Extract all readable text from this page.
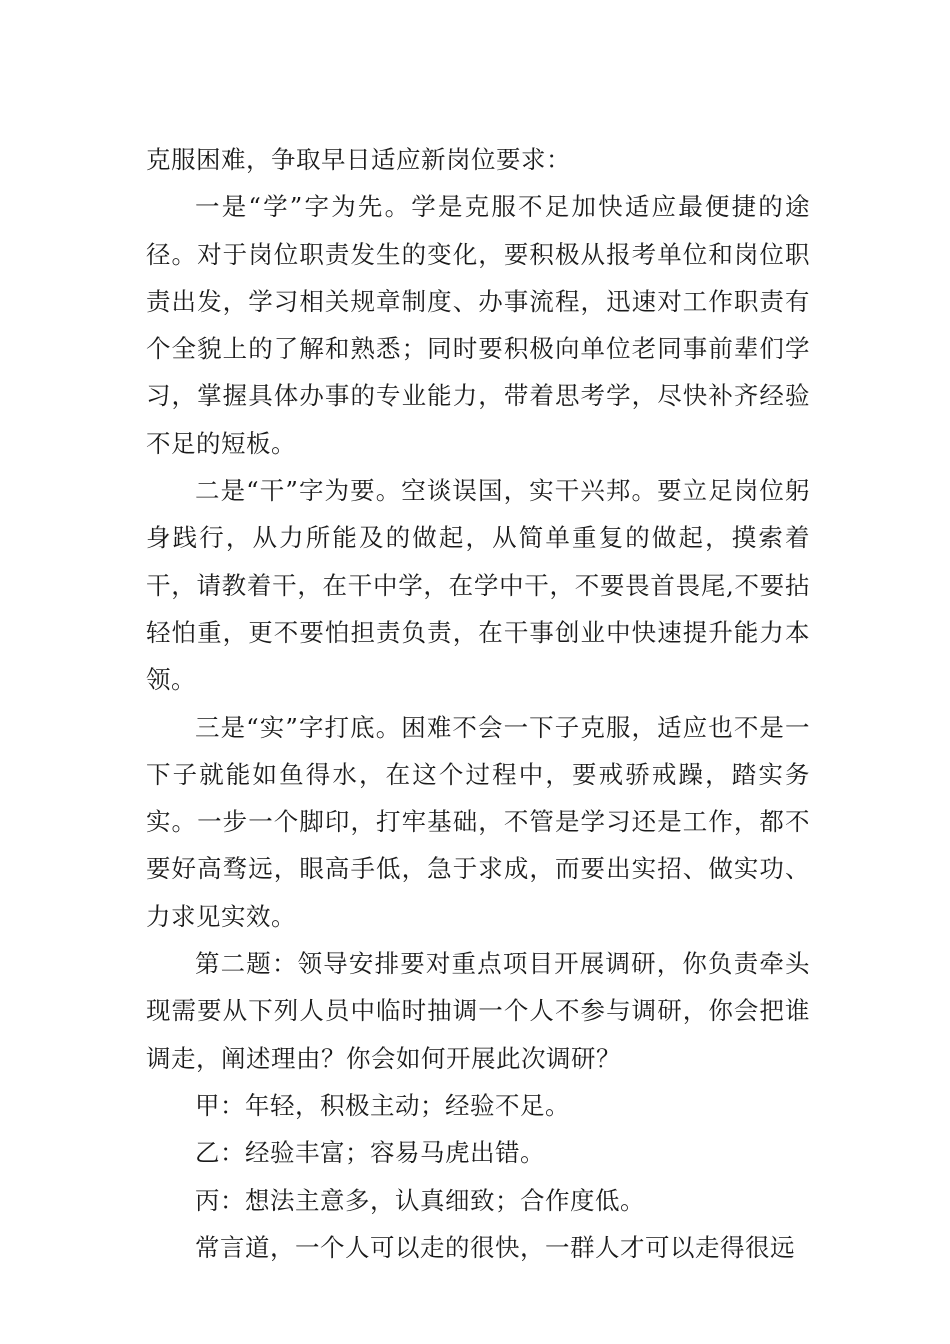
克服困难，争取早日适应新岗位要求：

一是“学”字为先。学是克服不足加快适应最便捷的途径。对于岗位职责发生的变化，要积极从报考单位和岗位职责出发，学习相关规章制度、办事流程，迅速对工作职责有个全貌上的了解和熟悉；同时要积极向单位老同事前辈们学习，掌握具体办事的专业能力，带着思考学，尽快补齐经验不足的短板。

二是“干”字为要。空谈误国，实干兴邦。要立足岗位躬身践行，从力所能及的做起，从简单重复的做起，摸索着干，请教着干，在干中学，在学中干，不要畏首畏尾,不要拈轻怕重，更不要怕担责负责，在干事创业中快速提升能力本领。

三是“实”字打底。困难不会一下子克服，适应也不是一下子就能如鱼得水，在这个过程中，要戒骄戒躁，踏实务实。一步一个脚印，打牢基础，不管是学习还是工作，都不要好高骛远，眼高手低，急于求成，而要出实招、做实功、力求见实效。

第二题：领导安排要对重点项目开展调研，你负责牵头现需要从下列人员中临时抽调一个人不参与调研，你会把谁调走，阐述理由？你会如何开展此次调研？

甲：年轻，积极主动；经验不足。

乙：经验丰富；容易马虎出错。

丙：想法主意多，认真细致；合作度低。

常言道，一个人可以走的很快，一群人才可以走得很远
